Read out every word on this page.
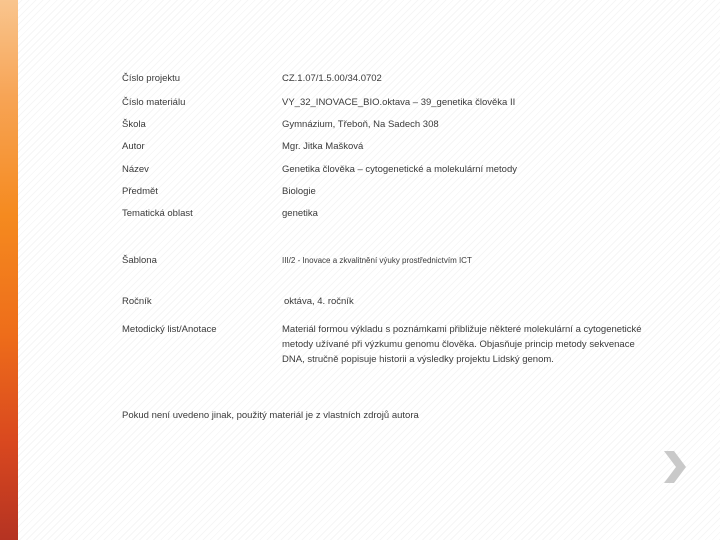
Číslo projektu	CZ.1.07/1.5.00/34.0702
Číslo materiálu	VY_32_INOVACE_BIO.oktava – 39_genetika člověka II
Škola	Gymnázium, Třeboň, Na Sadech 308
Autor	Mgr. Jitka Mašková
Název	Genetika člověka – cytogenetické a molekulární metody
Předmět	Biologie
Tematická oblast	genetika
Šablona	III/2 - Inovace a zkvalitnění výuky prostřednictvím ICT
Ročník	oktáva, 4. ročník
Metodický list/Anotace	Materiál formou výkladu s poznámkami přibližuje některé molekulární a cytogenetické metody užívané při výzkumu genomu člověka. Objasňuje princip metody sekvenace DNA, stručně popisuje historii a výsledky projektu Lidský genom.
Pokud není uvedeno jinak, použitý materiál je z vlastních zdrojů autora
